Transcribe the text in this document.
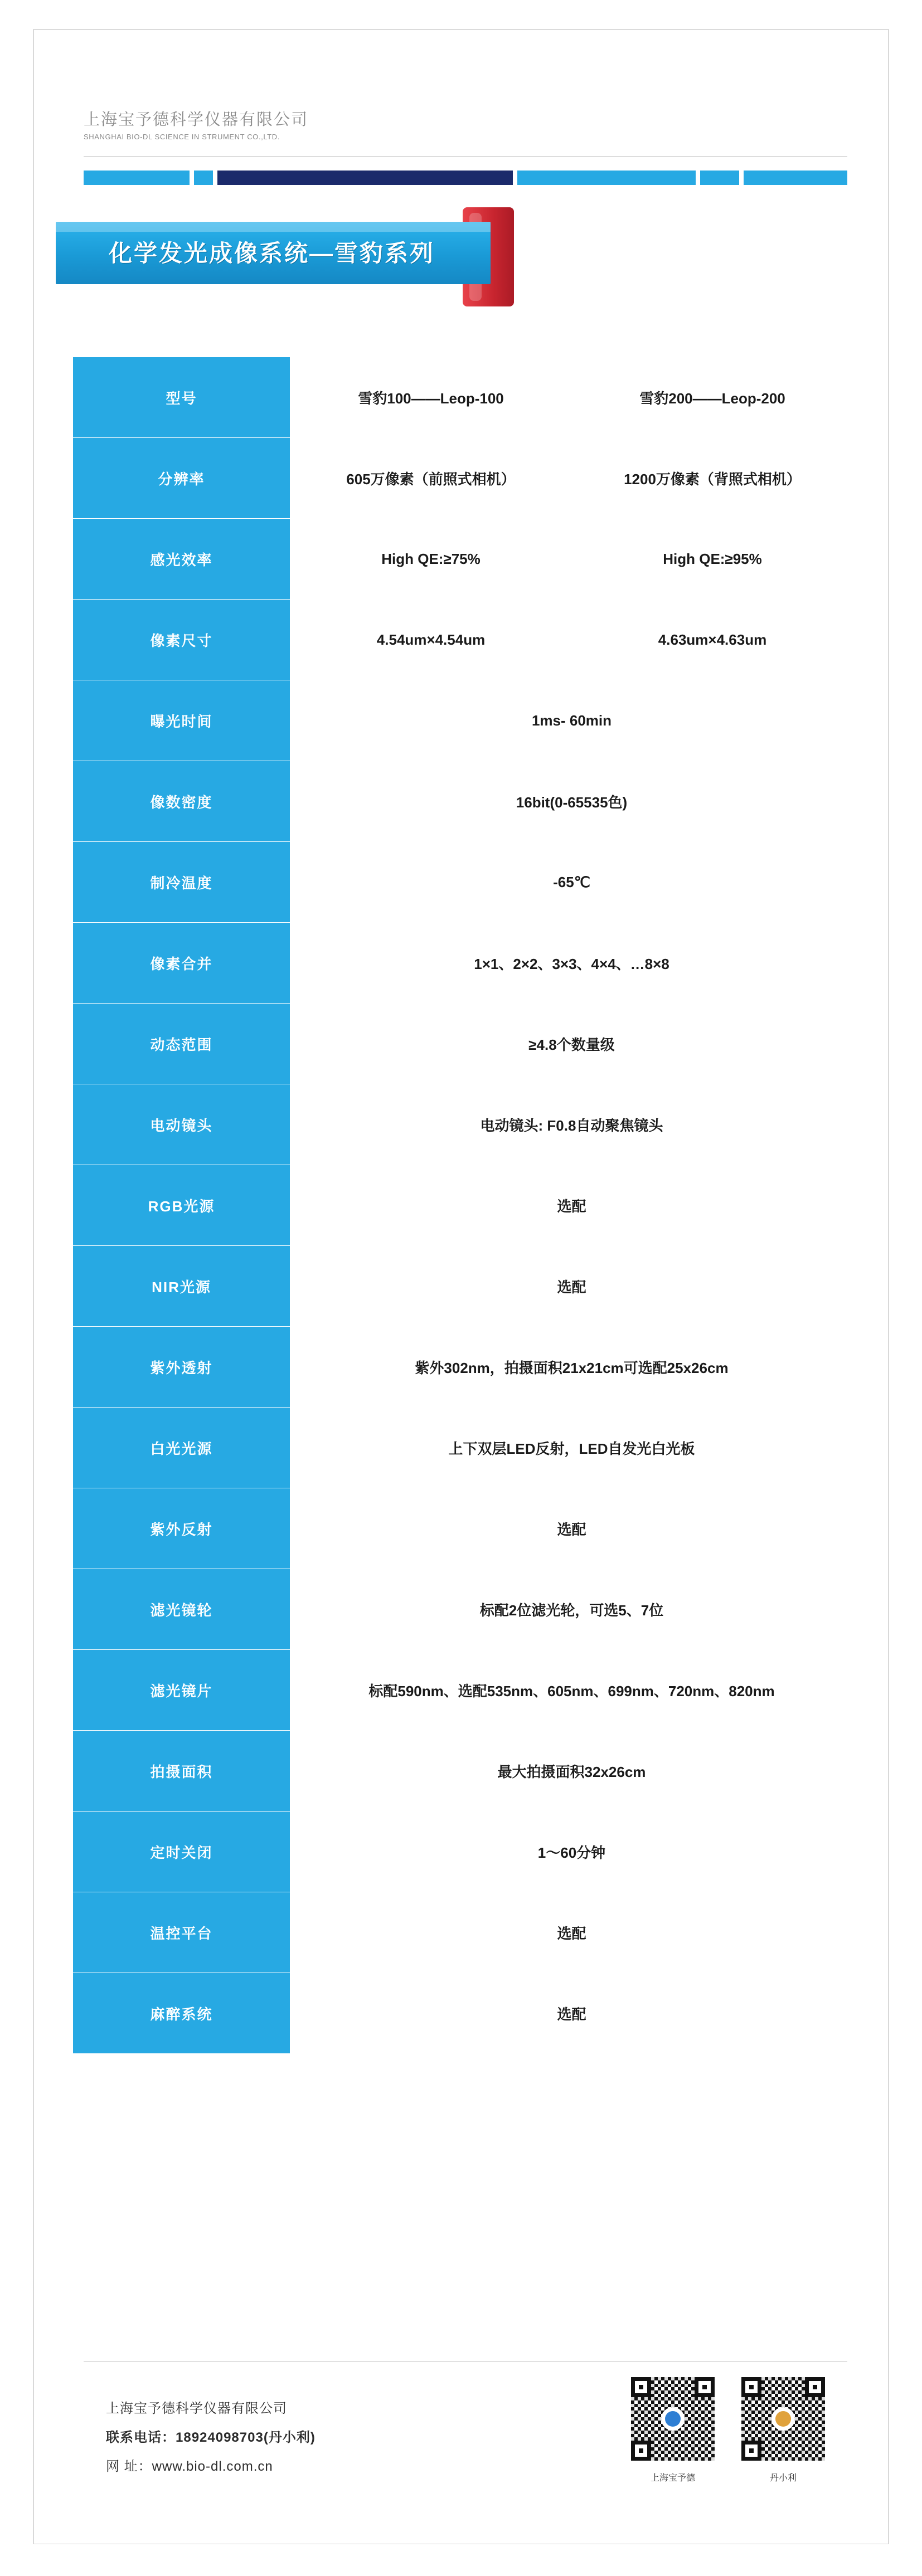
上海宝予德科学仪器有限公司
SHANGHAI BIO-DL SCIENCE IN STRUMENT CO.,LTD.
化学发光成像系统—雪豹系列
型号	雪豹100——Leop-100	雪豹200——Leop-200
分辨率	605万像素（前照式相机）	1200万像素（背照式相机）
感光效率	High QE:≥75%	High QE:≥95%
像素尺寸	4.54um×4.54um	4.63um×4.63um
曝光时间	1ms- 60min	
像数密度	16bit(0-65535色)	
制冷温度	-65℃	
像素合并	1×1、2×2、3×3、4×4、…8×8	
动态范围	≥4.8个数量级	
电动镜头	电动镜头: F0.8自动聚焦镜头	
RGB光源	选配	
NIR光源	选配	
紫外透射	紫外302nm，拍摄面积21x21cm可选配25x26cm	
白光光源	上下双层LED反射，LED自发光白光板	
紫外反射	选配	
滤光镜轮	标配2位滤光轮，可选5、7位	
滤光镜片	标配590nm、选配535nm、605nm、699nm、720nm、820nm	
拍摄面积	最大拍摄面积32x26cm	
定时关闭	1～60分钟	
温控平台	选配	
麻醉系统	选配	
上海宝予德科学仪器有限公司
联系电话：18924098703(丹小利)
网 址：www.bio-dl.com.cn
上海宝予德	丹小利
